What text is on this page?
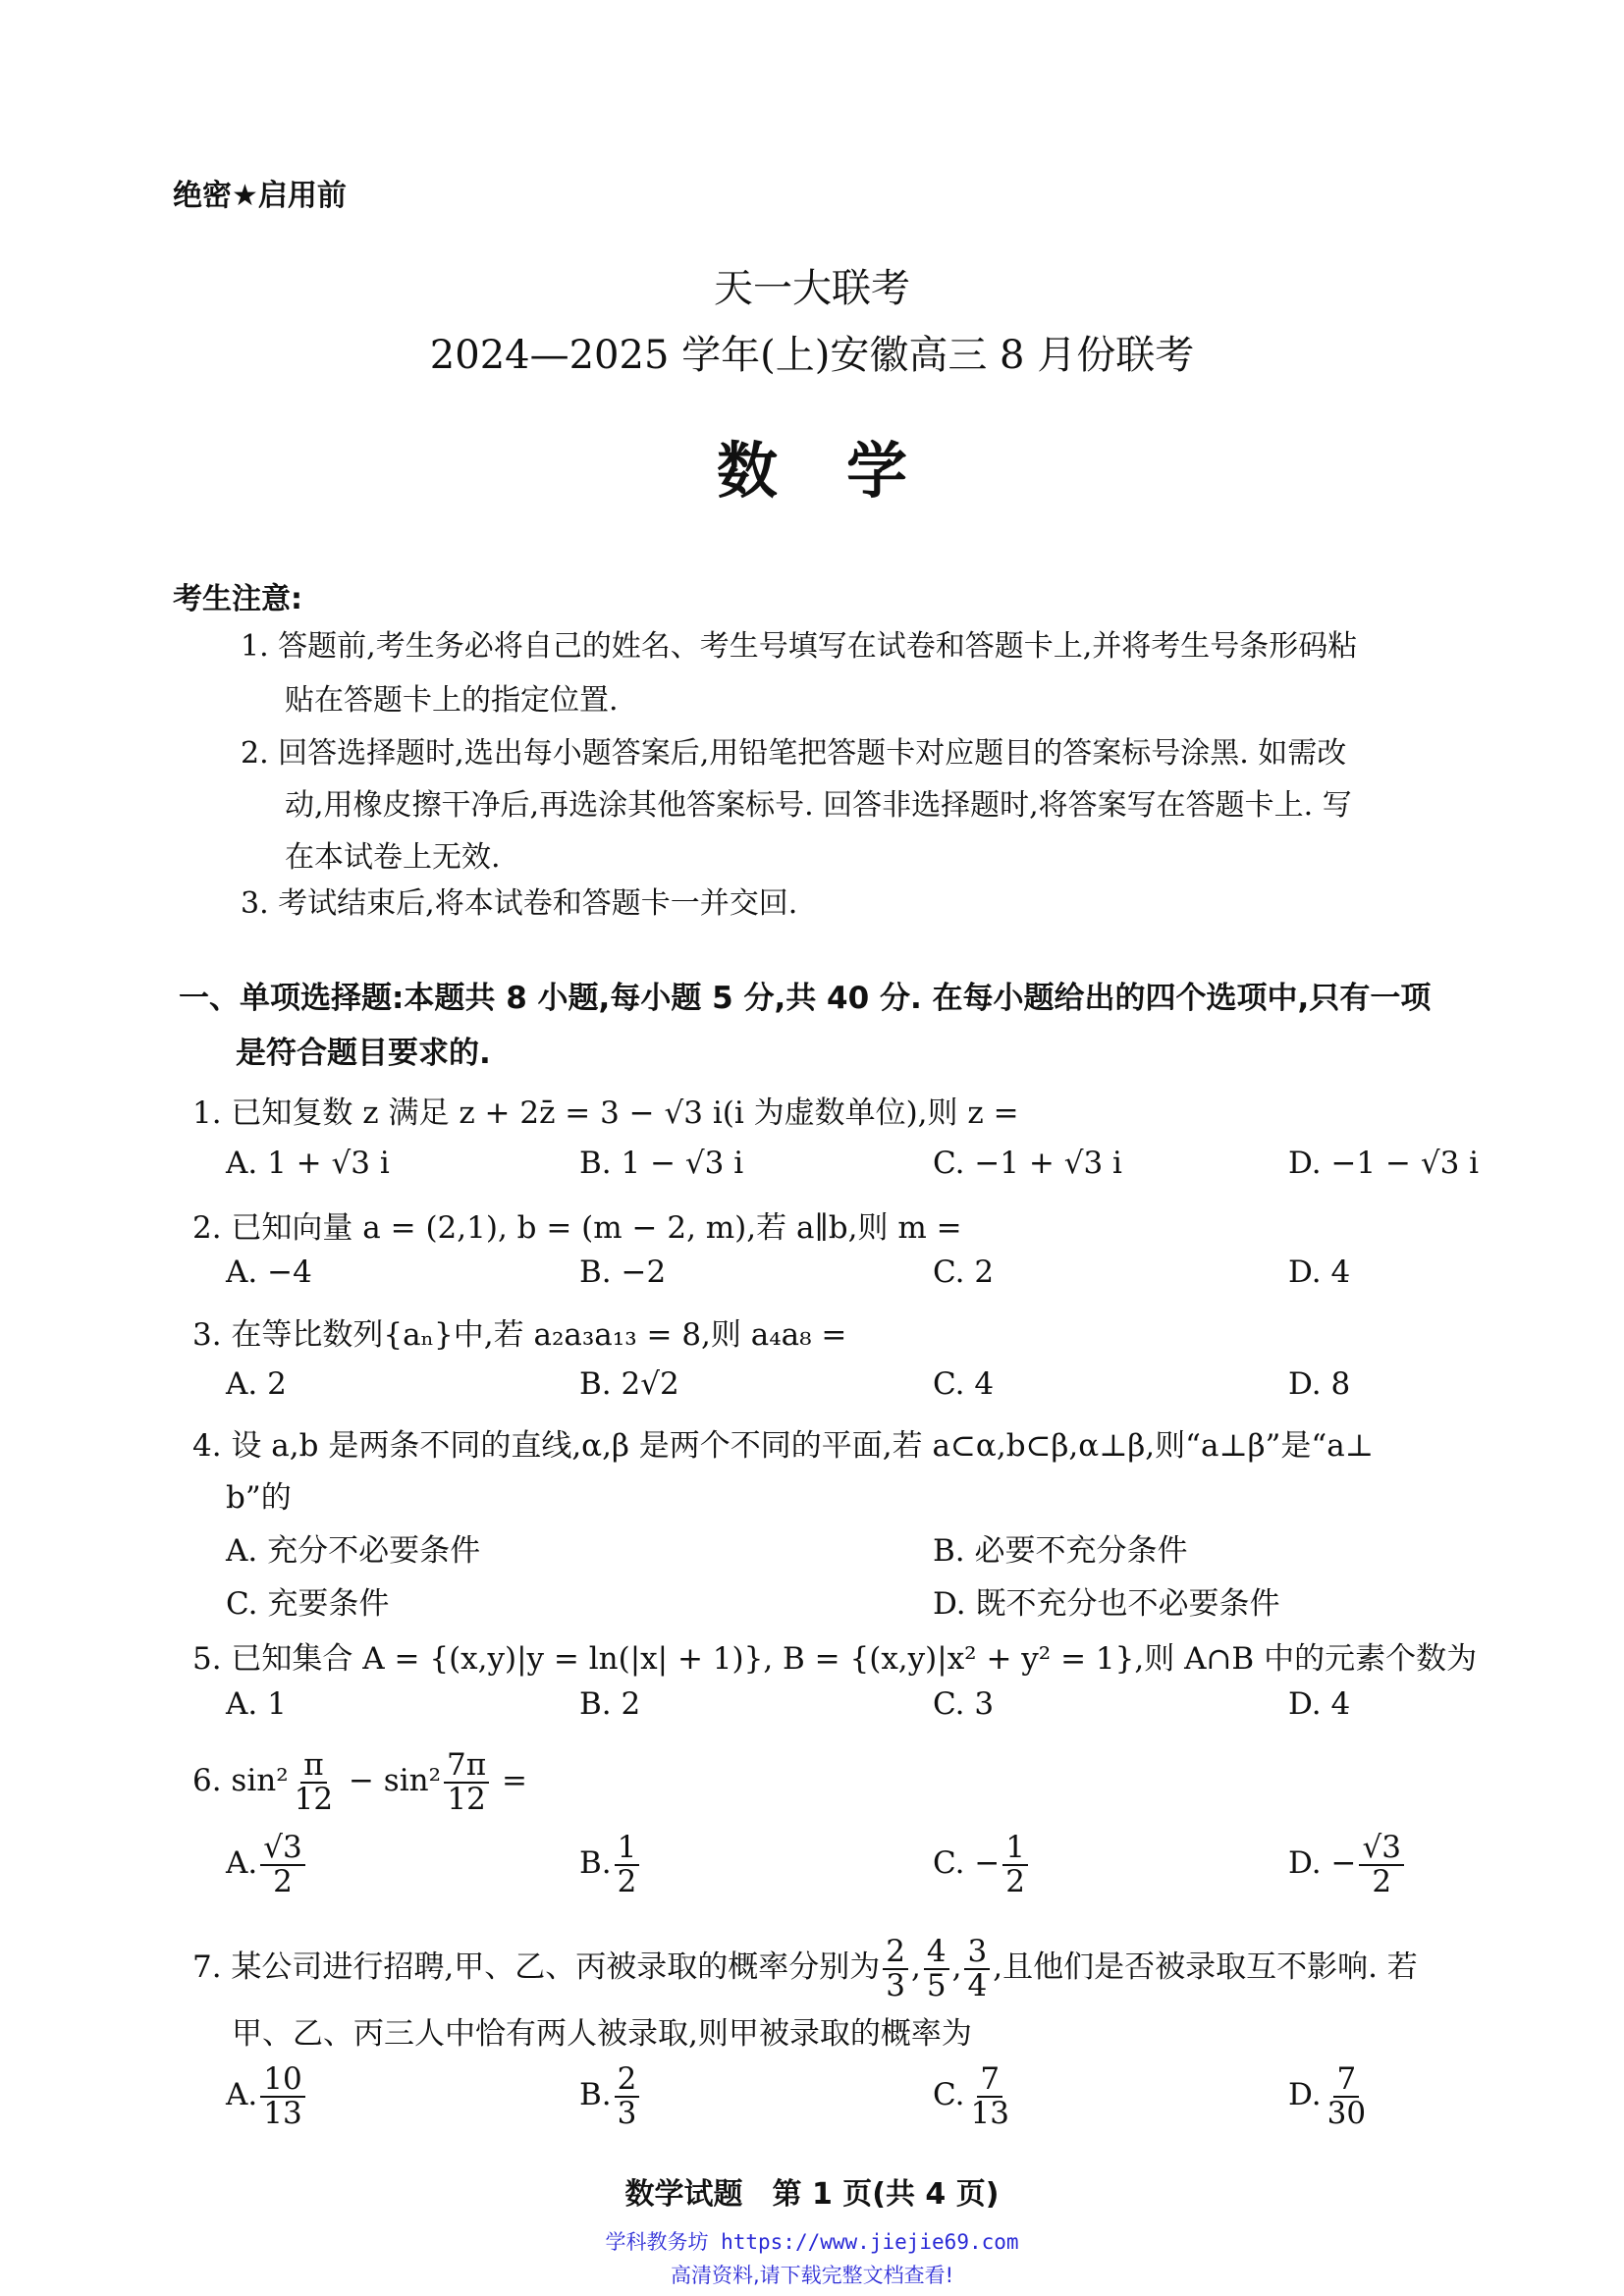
绝密★启用前
天一大联考
2024—2025 学年(上)安徽高三 8 月份联考
数学
考生注意:
1. 答题前,考生务必将自己的姓名、考生号填写在试卷和答题卡上,并将考生号条形码粘
贴在答题卡上的指定位置.
2. 回答选择题时,选出每小题答案后,用铅笔把答题卡对应题目的答案标号涂黑. 如需改
动,用橡皮擦干净后,再选涂其他答案标号. 回答非选择题时,将答案写在答题卡上. 写
在本试卷上无效.
3. 考试结束后,将本试卷和答题卡一并交回.
一、单项选择题:本题共 8 小题,每小题 5 分,共 40 分. 在每小题给出的四个选项中,只有一项
是符合题目要求的.
1. 已知复数 z 满足 z + 2z̄ = 3 − √3 i(i 为虚数单位),则 z =
A. 1 + √3 i	B. 1 − √3 i	C. −1 + √3 i	D. −1 − √3 i
2. 已知向量 a = (2,1), b = (m − 2, m),若 a∥b,则 m =
A. −4	B. −2	C. 2	D. 4
3. 在等比数列{aₙ}中,若 a₂a₃a₁₃ = 8,则 a₄a₈ =
A. 2	B. 2√2	C. 4	D. 8
4. 设 a,b 是两条不同的直线,α,β 是两个不同的平面,若 a⊂α,b⊂β,α⊥β,则“a⊥β”是“a⊥
b”的
A. 充分不必要条件	B. 必要不充分条件
C. 充要条件	D. 既不充分也不必要条件
5. 已知集合 A = {(x,y)|y = ln(|x| + 1)}, B = {(x,y)|x² + y² = 1},则 A∩B 中的元素个数为
A. 1	B. 2	C. 3	D. 4
6. $\sin^2 \frac{\pi}{12} - \sin^2 \frac{7\pi}{12}$ =
A. $\frac{√3}{2}$	B. $\frac{1}{2}$	C. − $\frac{1}{2}$	D. − $\frac{√3}{2}$
7. 某公司进行招聘,甲、乙、丙被录取的概率分别为 $\frac{2}{3}$ , $\frac{4}{5}$ , $\frac{3}{4}$ ,且他们是否被录取互不影响. 若
甲、乙、丙三人中恰有两人被录取,则甲被录取的概率为
A. $\frac{10}{13}$	B. $\frac{2}{3}$	C. $\frac{7}{13}$	D. $\frac{7}{30}$
数学试题　第 1 页(共 4 页)
学科教务坊 https://www.jiejie69.com
高清资料,请下载完整文档查看!
